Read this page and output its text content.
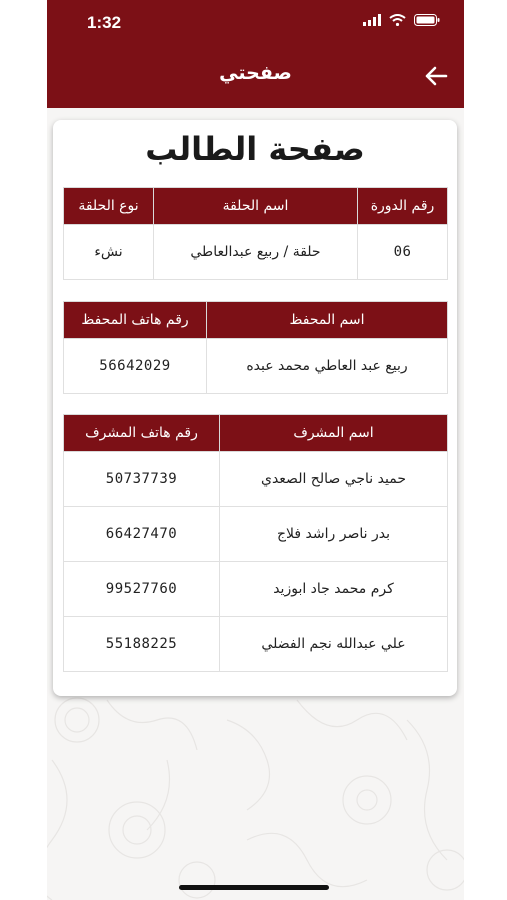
1:32
صفحتي
صفحة الطالب
نوع الحلقة	اسم الحلقة	رقم الدورة
نشء	حلقة / ربيع عبدالعاطي	06
رقم هاتف المحفظ	اسم المحفظ
56642029	ربيع عبد العاطي محمد عبده
رقم هاتف المشرف	اسم المشرف
50737739	حميد ناجي صالح الصعدي
66427470	بدر ناصر راشد فلاج
99527760	كرم محمد جاد ابوزيد
55188225	علي عبدالله نجم الفضلي
